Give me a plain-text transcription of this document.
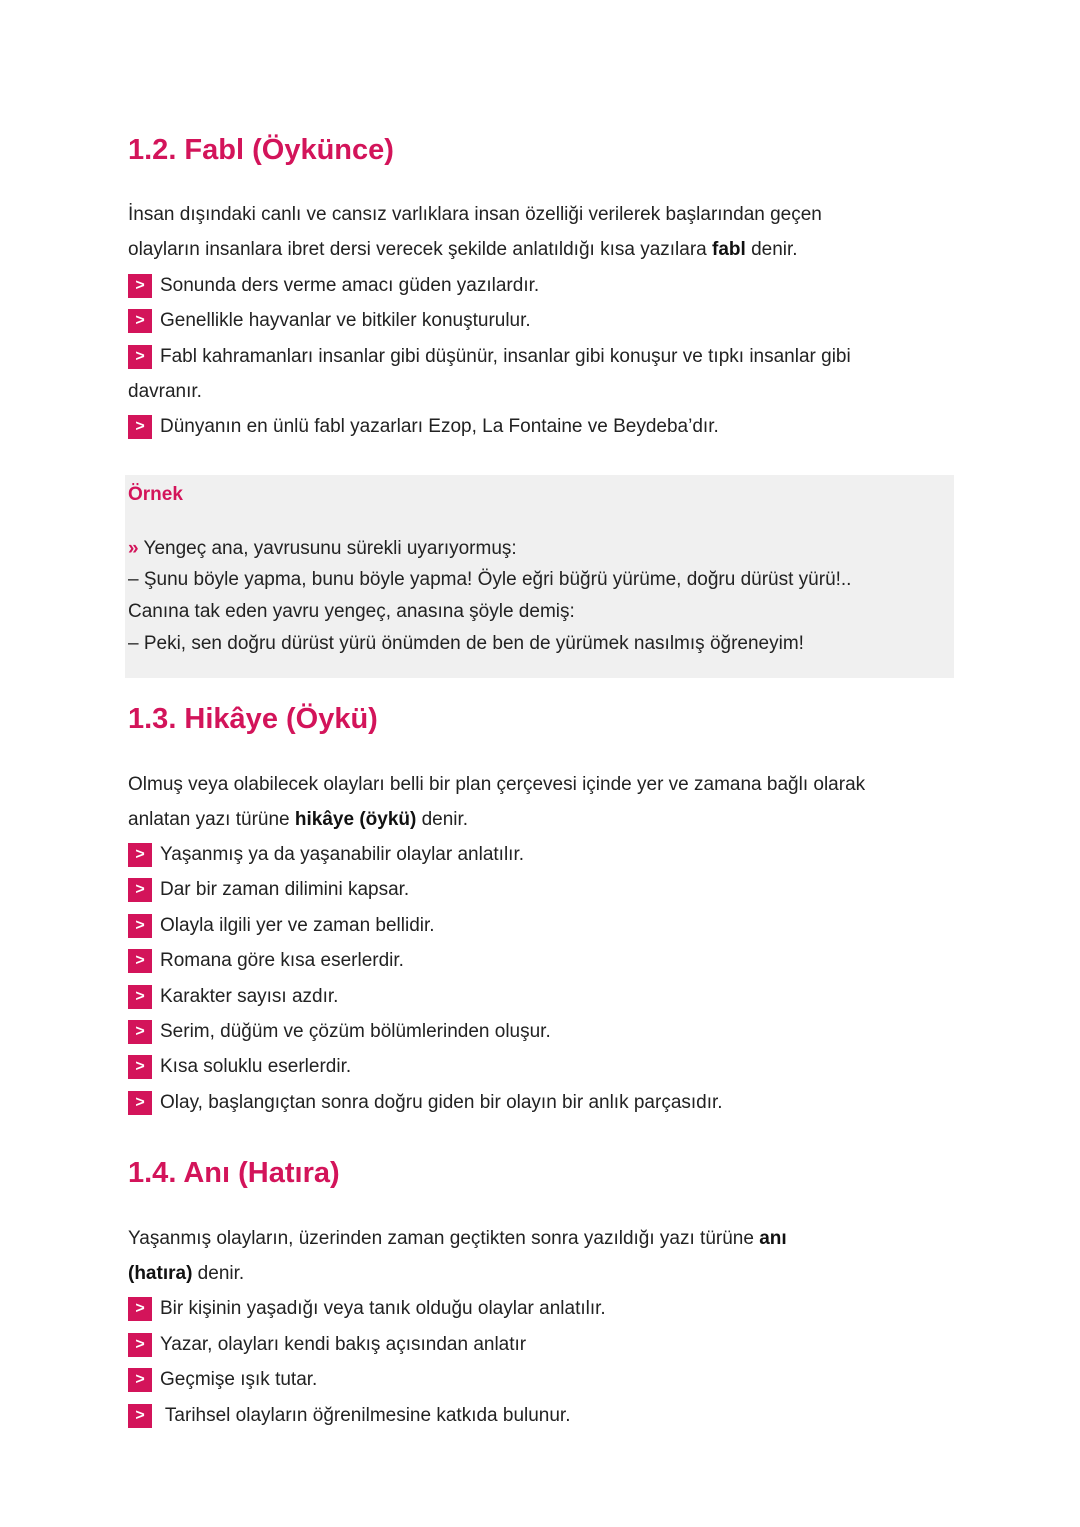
1.2. Fabl (Öykünce)
İnsan dışındaki canlı ve cansız varlıklara insan özelliği verilerek başlarından geçen
olayların insanlara ibret dersi verecek şekilde anlatıldığı kısa yazılara fabl denir.
> Sonunda ders verme amacı güden yazılardır.
> Genellikle hayvanlar ve bitkiler konuşturulur.
> Fabl kahramanları insanlar gibi düşünür, insanlar gibi konuşur ve tıpkı insanlar gibi
davranır.
> Dünyanın en ünlü fabl yazarları Ezop, La Fontaine ve Beydeba’dır.
Örnek
» Yengeç ana, yavrusunu sürekli uyarıyormuş:
– Şunu böyle yapma, bunu böyle yapma! Öyle eğri büğrü yürüme, doğru dürüst yürü!..
Canına tak eden yavru yengeç, anasına şöyle demiş:
– Peki, sen doğru dürüst yürü önümden de ben de yürümek nasılmış öğreneyim!
1.3. Hikâye (Öykü)
Olmuş veya olabilecek olayları belli bir plan çerçevesi içinde yer ve zamana bağlı olarak
anlatan yazı türüne hikâye (öykü) denir.
> Yaşanmış ya da yaşanabilir olaylar anlatılır.
> Dar bir zaman dilimini kapsar.
> Olayla ilgili yer ve zaman bellidir.
> Romana göre kısa eserlerdir.
> Karakter sayısı azdır.
> Serim, düğüm ve çözüm bölümlerinden oluşur.
> Kısa soluklu eserlerdir.
> Olay, başlangıçtan sonra doğru giden bir olayın bir anlık parçasıdır.
1.4. Anı (Hatıra)
Yaşanmış olayların, üzerinden zaman geçtikten sonra yazıldığı yazı türüne anı
(hatıra) denir.
> Bir kişinin yaşadığı veya tanık olduğu olaylar anlatılır.
> Yazar, olayları kendi bakış açısından anlatır
> Geçmişe ışık tutar.
> Tarihsel olayların öğrenilmesine katkıda bulunur.
